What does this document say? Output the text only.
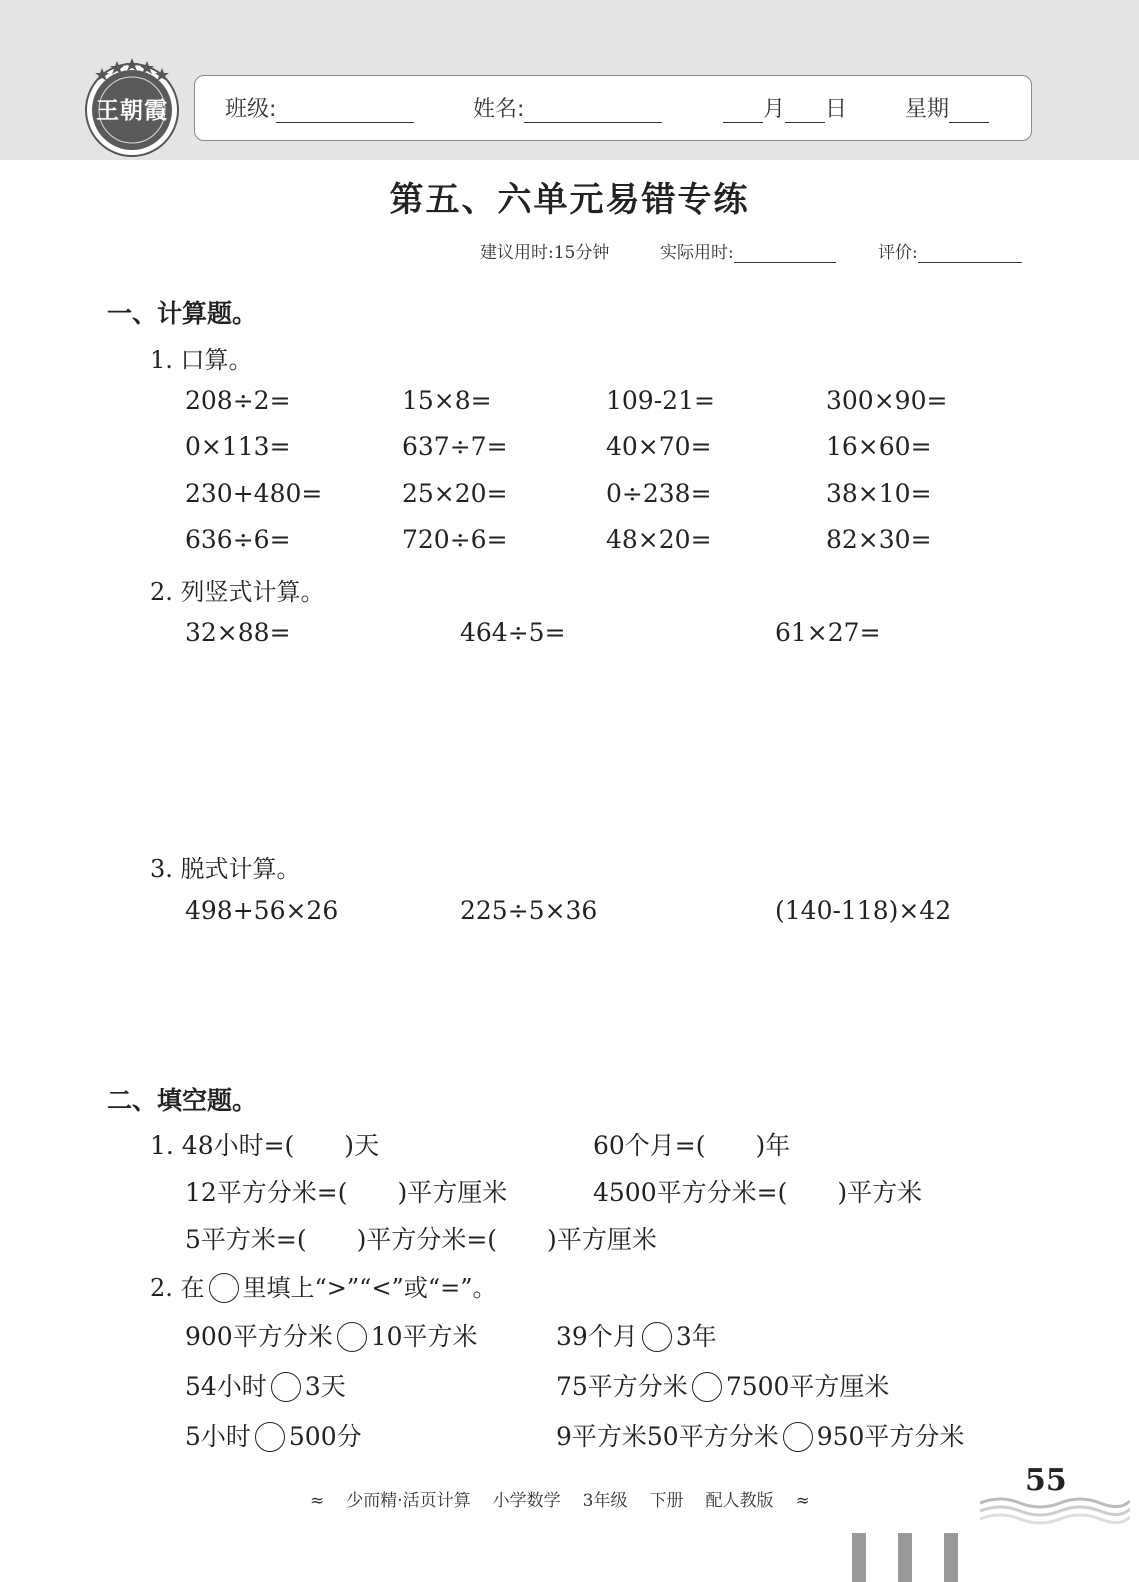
王朝霞	班级:	姓名:	月 日	星期
第五、六单元易错专练
建议用时:15分钟	实际用时:	评价:
一、计算题。
1. 口算。
208÷2=	15×8=	109-21=	300×90=
0×113=	637÷7=	40×70=	16×60=
230+480=	25×20=	0÷238=	38×10=
636÷6=	720÷6=	48×20=	82×30=
2. 列竖式计算。
32×88=	464÷5=	61×27=
3. 脱式计算。
498+56×26	225÷5×36	(140-118)×42
二、填空题。
1. 48小时=(　　)天	60个月=(　　)年
12平方分米=(　　)平方厘米	4500平方分米=(　　)平方米
5平方米=(　　)平方分米=(　　)平方厘米
2. 在 里填上“>”“<”或“=”。
900平方分米 10平方米	39个月 3年
54小时 3天	75平方分米 7500平方厘米
5小时 500分	9平方米50平方分米 950平方分米
≈ 少而精·活页计算 小学数学 3年级 下册 配人教版 ≈
55
